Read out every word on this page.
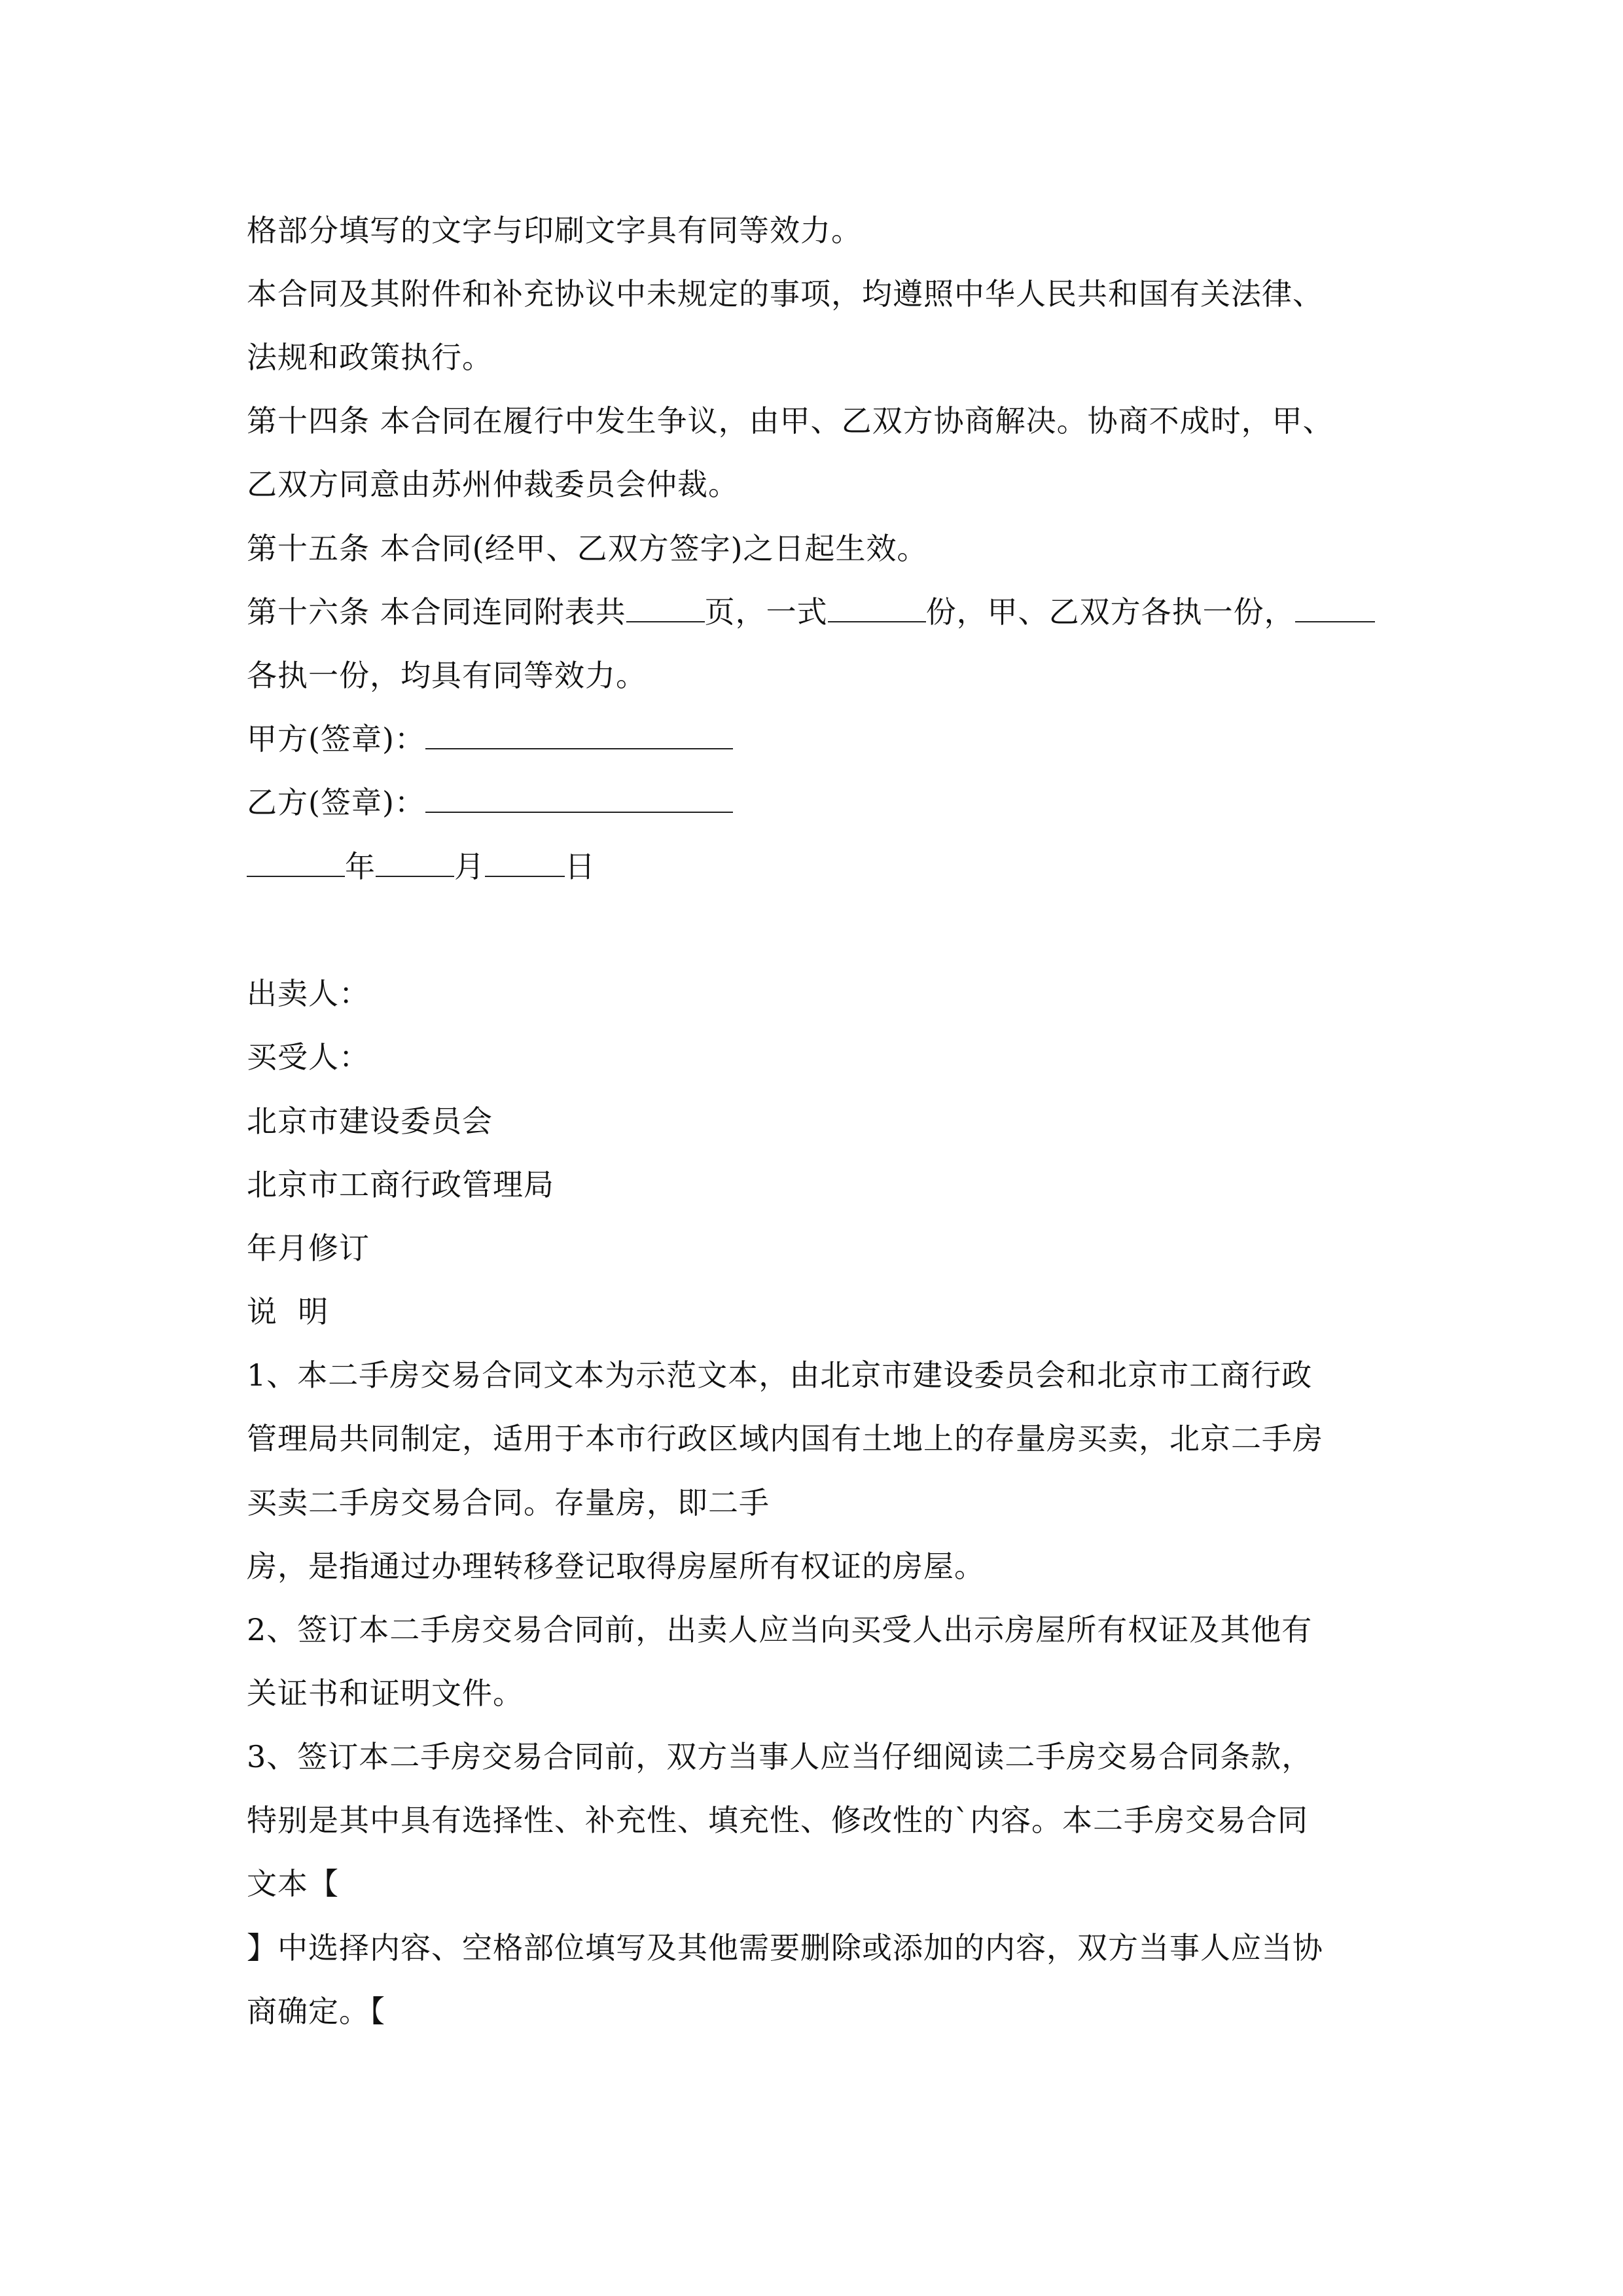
格部分填写的文字与印刷文字具有同等效力。
本合同及其附件和补充协议中未规定的事项，均遵照中华人民共和国有关法律、
法规和政策执行。
第十四条 本合同在履行中发生争议，由甲、乙双方协商解决。协商不成时，甲、
乙双方同意由苏州仲裁委员会仲裁。
第十五条 本合同(经甲、乙双方签字)之日起生效。
第十六条 本合同连同附表共	页，一式	份，甲、乙双方各执一份，
各执一份，均具有同等效力。
甲方(签章)：
乙方(签章)：
年	月	日
出卖人：
买受人：
北京市建设委员会
北京市工商行政管理局
年月修订
说  明
1、本二手房交易合同文本为示范文本，由北京市建设委员会和北京市工商行政
管理局共同制定，适用于本市行政区域内国有土地上的存量房买卖，北京二手房
买卖二手房交易合同。存量房，即二手
房，是指通过办理转移登记取得房屋所有权证的房屋。
2、签订本二手房交易合同前，出卖人应当向买受人出示房屋所有权证及其他有
关证书和证明文件。
3、签订本二手房交易合同前，双方当事人应当仔细阅读二手房交易合同条款，
特别是其中具有选择性、补充性、填充性、修改性的`内容。本二手房交易合同
文本【
】中选择内容、空格部位填写及其他需要删除或添加的内容，双方当事人应当协
商确定。【
